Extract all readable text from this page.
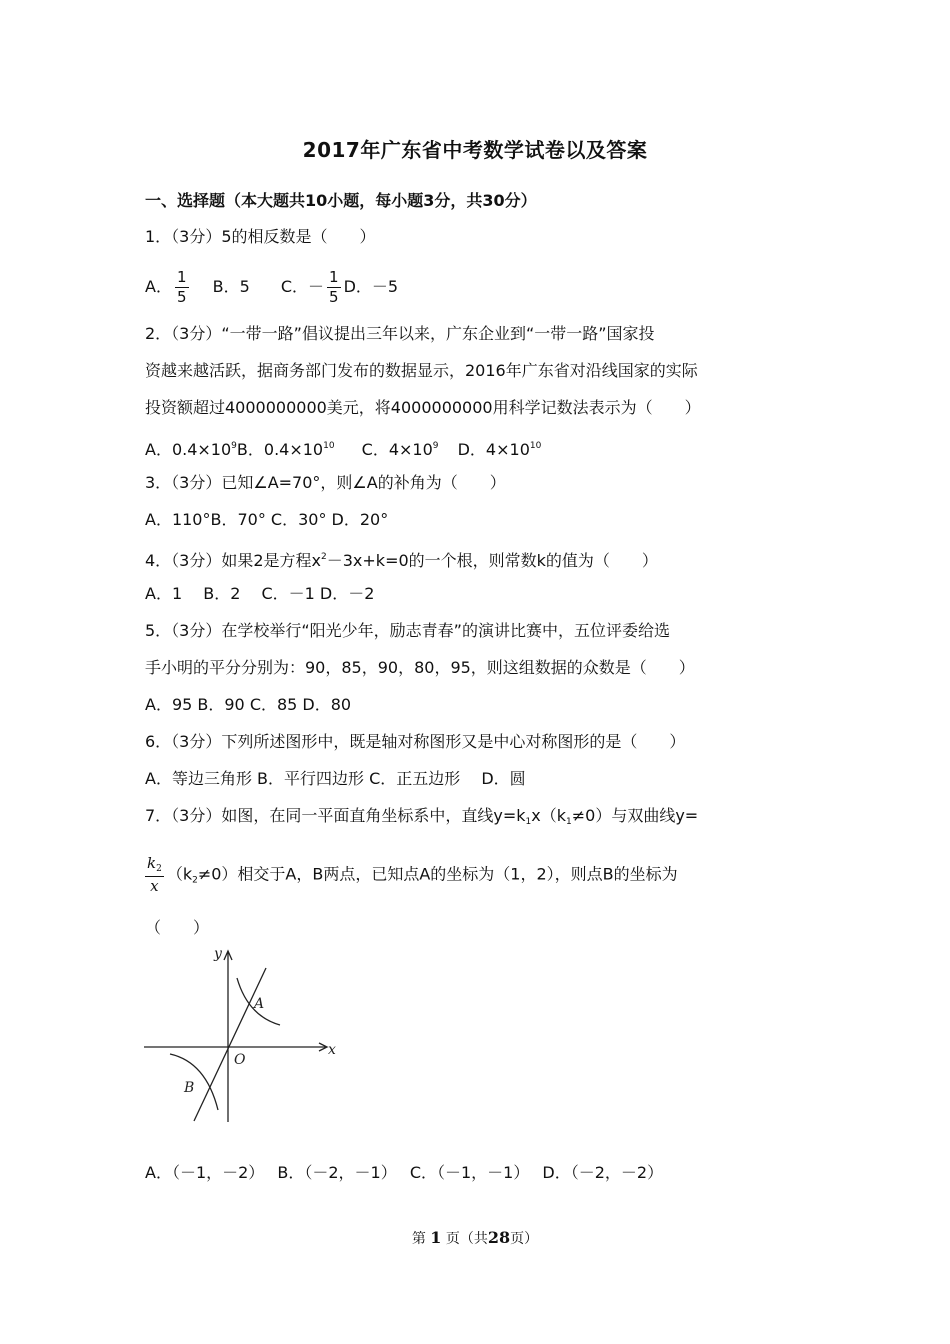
2017年广东省中考数学试卷以及答案
一、选择题（本大题共10小题，每小题3分，共30分）
1．（3分）5的相反数是（　　）
A． $\frac{1}{5}$ B．5 C．－ $\frac{1}{5}$ D．－5
2．（3分）“一带一路”倡议提出三年以来，广东企业到“一带一路”国家投
资越来越活跃，据商务部门发布的数据显示，2016年广东省对沿线国家的实际
投资额超过4000000000美元，将4000000000用科学记数法表示为（　　）
A．$0.4\times 10^9B$．$0.4\times 10^{10}$ C．$4\times 10^9$ D．$4\times 10^{10}$
3．（3分）已知∠A=70°，则∠A的补角为（　　）
A．110°B．70° C．30° D．20°
4．（3分）如果2是方程$x^2-3x+k=0$的一个根，则常数k的值为（　　）
A．1　 B．2　 C．－1 D．－2
5．（3分）在学校举行“阳光少年，励志青春”的演讲比赛中，五位评委给选
手小明的平分分别为：90，85，90，80，95，则这组数据的众数是（　　）
A．95 B．90 C．85 D．80
6．（3分）下列所述图形中，既是轴对称图形又是中心对称图形的是（　　）
A．等边三角形 B．平行四边形 C．正五边形　 D．圆
7．（3分）如图，在同一平面直角坐标系中，直线$y=k_1x(k_1\ne 0)$与双曲线y=
$\frac{k_2}{x} (k_2\ne 0)$相交于A，B两点，已知点A的坐标为（1，2），则点B的坐标为
（　　）
y
x
O
A
B
A．（－1，－2）　 B．（－2，－1）　 C．（－1，－1）　 D．（－2，－2）
第 1 页（共28页）
